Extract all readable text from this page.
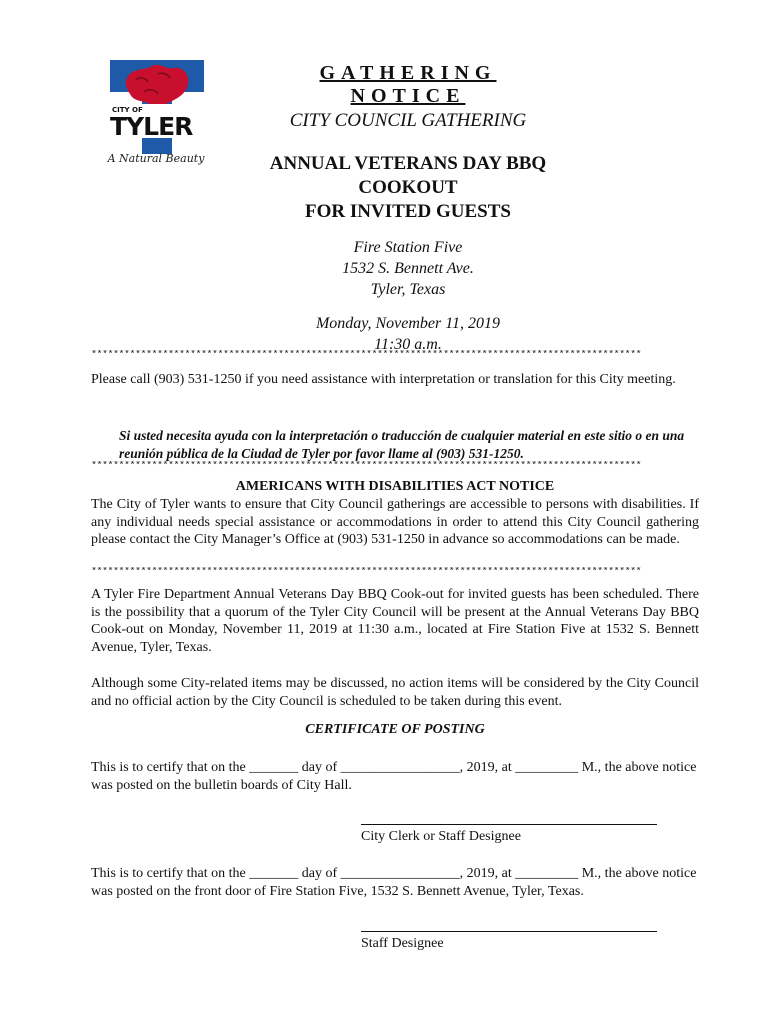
CITY OF
TYLER
A Natural Beauty
GATHERING NOTICE
CITY COUNCIL GATHERING
ANNUAL VETERANS DAY BBQ
COOKOUT
FOR INVITED GUESTS
Fire Station Five
1532 S. Bennett Ave.
Tyler, Texas
Monday, November 11, 2019
11:30 a.m.
****************************************************************************************************
Please call (903) 531-1250 if you need assistance with interpretation or translation for this City meeting.
Si usted necesita ayuda con la interpretación o traducción de cualquier material en este sitio o en una reunión pública de la Ciudad de Tyler por favor llame al (903) 531-1250.
****************************************************************************************************
AMERICANS WITH DISABILITIES ACT NOTICE
The City of Tyler wants to ensure that City Council gatherings are accessible to persons with disabilities. If any individual needs special assistance or accommodations in order to attend this City Council gathering please contact the City Manager’s Office at (903) 531-1250 in advance so accommodations can be made.
****************************************************************************************************
A Tyler Fire Department Annual Veterans Day BBQ Cook-out for invited guests has been scheduled. There is the possibility that a quorum of the Tyler City Council will be present at the Annual Veterans Day BBQ Cook-out on Monday, November 11, 2019 at 11:30 a.m., located at Fire Station Five at 1532 S. Bennett Avenue, Tyler, Texas.
Although some City-related items may be discussed, no action items will be considered by the City Council and no official action by the City Council is scheduled to be taken during this event.
CERTIFICATE OF POSTING
This is to certify that on the _______ day of _________________, 2019, at _________ M., the above notice was posted on the bulletin boards of City Hall.
City Clerk or Staff Designee
This is to certify that on the _______ day of _________________, 2019, at _________ M., the above notice was posted on the front door of Fire Station Five, 1532 S. Bennett Avenue, Tyler, Texas.
Staff Designee
